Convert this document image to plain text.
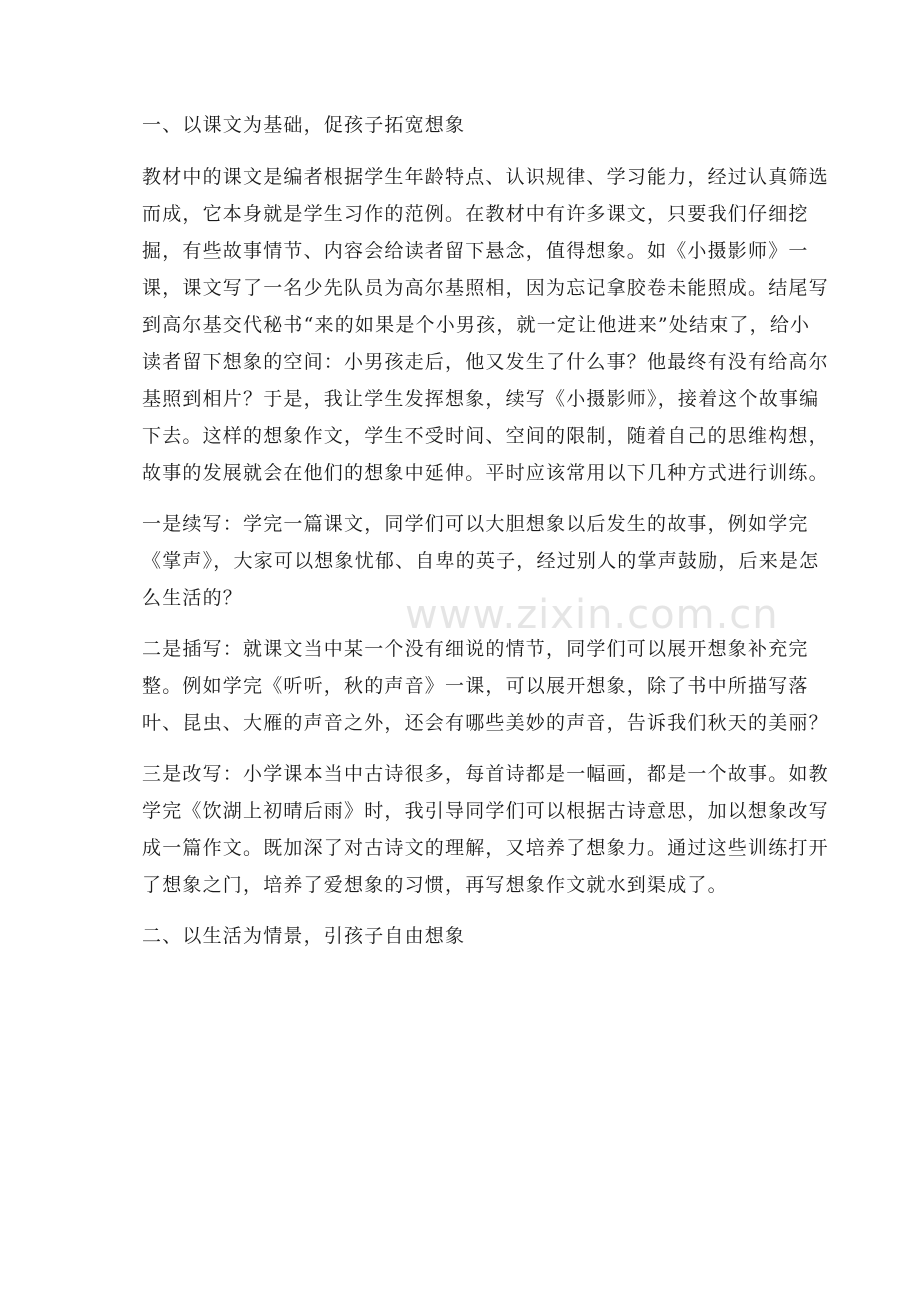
www.zixin.com.cn
一、以课文为基础，促孩子拓宽想象
教材中的课文是编者根据学生年龄特点、认识规律、学习能力，经过认真筛选
而成，它本身就是学生习作的范例。在教材中有许多课文，只要我们仔细挖
掘，有些故事情节、内容会给读者留下悬念，值得想象。如《小摄影师》一
课，课文写了一名少先队员为高尔基照相，因为忘记拿胶卷未能照成。结尾写
到高尔基交代秘书“来的如果是个小男孩，就一定让他进来”处结束了，给小
读者留下想象的空间：小男孩走后，他又发生了什么事？他最终有没有给高尔
基照到相片？于是，我让学生发挥想象，续写《小摄影师》，接着这个故事编
下去。这样的想象作文，学生不受时间、空间的限制，随着自己的思维构想，
故事的发展就会在他们的想象中延伸。平时应该常用以下几种方式进行训练。
一是续写：学完一篇课文，同学们可以大胆想象以后发生的故事，例如学完
《掌声》，大家可以想象忧郁、自卑的英子，经过别人的掌声鼓励，后来是怎
么生活的？
二是插写：就课文当中某一个没有细说的情节，同学们可以展开想象补充完
整。例如学完《听听，秋的声音》一课，可以展开想象，除了书中所描写落
叶、昆虫、大雁的声音之外，还会有哪些美妙的声音，告诉我们秋天的美丽？
三是改写：小学课本当中古诗很多，每首诗都是一幅画，都是一个故事。如教
学完《饮湖上初晴后雨》时，我引导同学们可以根据古诗意思，加以想象改写
成一篇作文。既加深了对古诗文的理解，又培养了想象力。通过这些训练打开
了想象之门，培养了爱想象的习惯，再写想象作文就水到渠成了。
二、以生活为情景，引孩子自由想象
